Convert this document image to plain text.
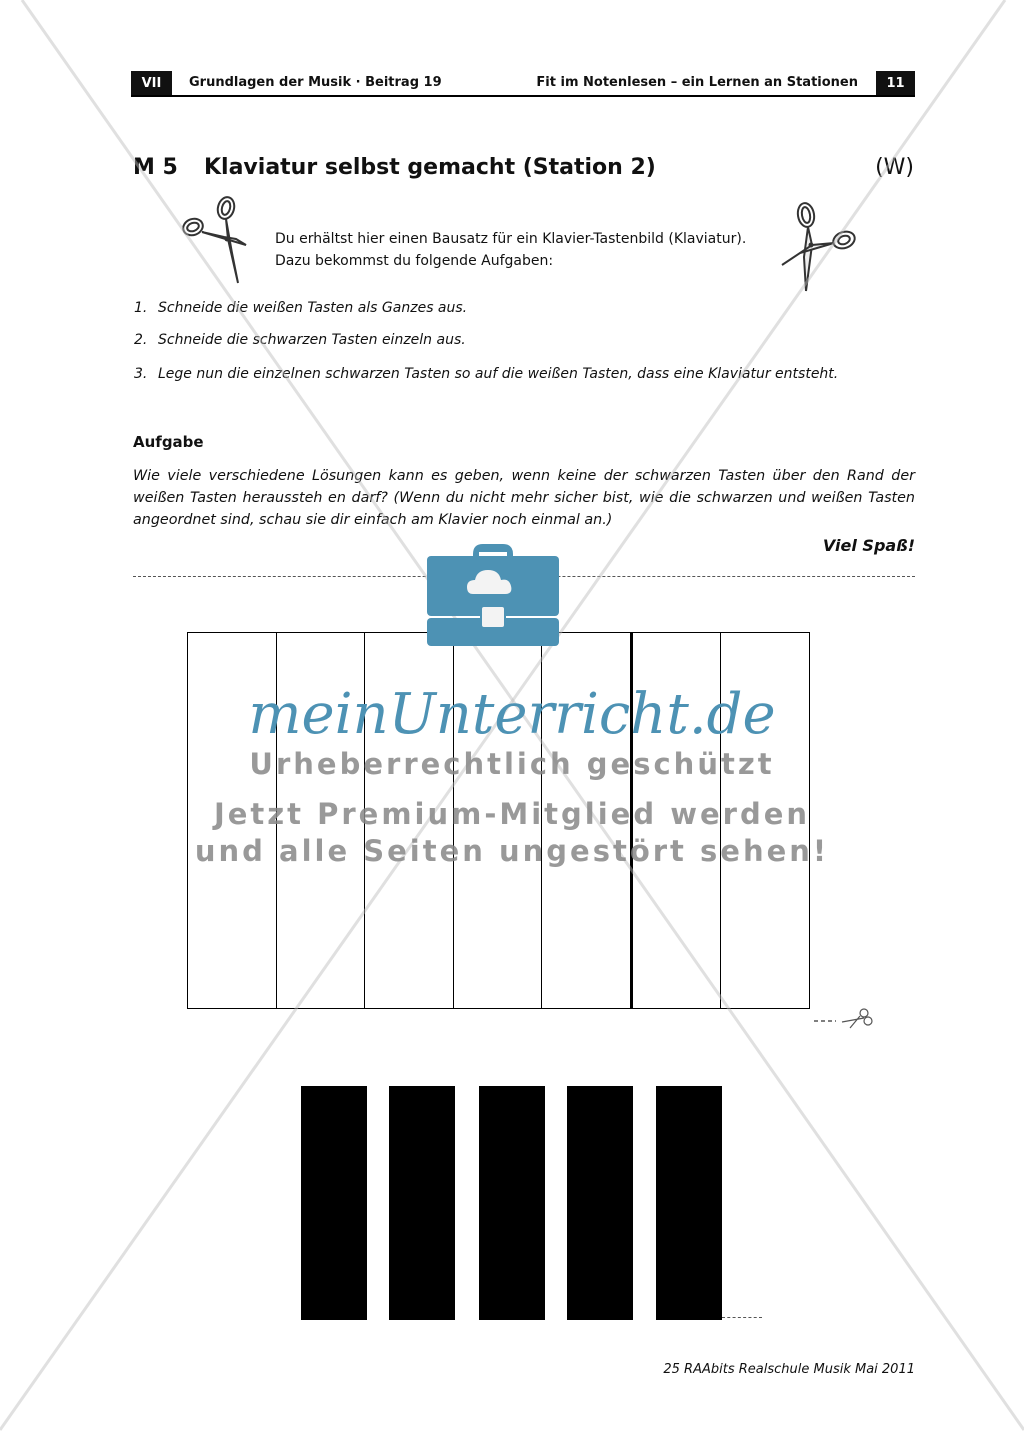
VII	Grundlagen der Musik · Beitrag 19	Fit im Notenlesen – ein Lernen an Stationen	11
M 5 Klaviatur selbst gemacht (Station 2)	(W)
Du erhältst hier einen Bausatz für ein Klavier-Tastenbild (Klaviatur).
Dazu bekommst du folgende Aufgaben:
1. Schneide die weißen Tasten als Ganzes aus.
2. Schneide die schwarzen Tasten einzeln aus.
3. Lege nun die einzelnen schwarzen Tasten so auf die weißen Tasten, dass eine Klaviatur entsteht.
Aufgabe
Wie viele verschiedene Lösungen kann es geben, wenn keine der schwarzen Tasten über den Rand der weißen Tasten heraussteh en darf? (Wenn du nicht mehr sicher bist, wie die schwarzen und weißen Tasten angeordnet sind, schau sie dir einfach am Klavier noch einmal an.)
Viel Spaß!
25 RAAbits Realschule Musik Mai 2011
meinUnterricht.de
Urheberrechtlich geschützt
Jetzt Premium-Mitglied werden
und alle Seiten ungestört sehen!
